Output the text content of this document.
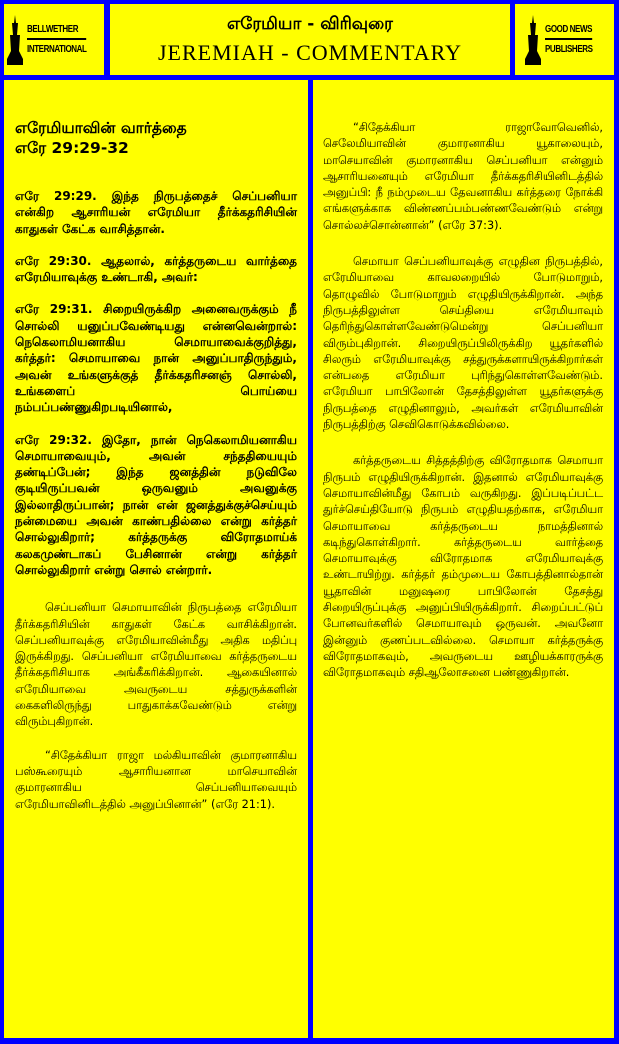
BELLWETHER
INTERNATIONAL
எரேமியா - விரிவுரை
JEREMIAH - COMMENTARY
GOOD NEWS
PUBLISHERS
எரேமியாவின் வார்த்தை
எரே 29:29-32

எரே 29:29. இந்த நிருபத்தைச் செப்பனியா என்கிற ஆசாரியன் எரேமியா தீர்க்கதரிசியின் காதுகள் கேட்க வாசித்தான்.

எரே 29:30. ஆதலால், கர்த்தருடைய வார்த்தை எரேமியாவுக்கு உண்டாகி, அவர்:

எரே 29:31. சிறையிருக்கிற அனைவருக்கும் நீ சொல்லி யனுப்பவேண்டியது என்னவென்றால்: நெகெலாமியனாகிய செமாயாவைக்குறித்து, கர்த்தர்: செமாயாவை நான் அனுப்பாதிருந்தும், அவன் உங்களுக்குத் தீர்க்கதரிசனஞ் சொல்லி, உங்களைப் பொய்யை நம்பப்பண்ணுகிறபடியினால்,

எரே 29:32. இதோ, நான் நெகெலாமியனாகிய செமாயாவையும், அவன் சந்ததியையும் தண்டிப்பேன்; இந்த ஜனத்தின் நடுவிலே குடியிருப்பவன் ஒருவனும் அவனுக்கு இல்லாதிருப்பான்; நான் என் ஜனத்துக்குச்செய்யும் நன்மையை அவன் காண்பதில்லை என்று கர்த்தர் சொல்லுகிறார்; கர்த்தருக்கு விரோதமாய்க் கலகமுண்டாகப் பேசினான் என்று கர்த்தர் சொல்லுகிறார் என்று சொல் என்றார்.

செப்பனியா செமாயாவின் நிருபத்தை எரேமியா தீர்க்கதரிசியின் காதுகள் கேட்க வாசிக்கிறான். செப்பனியாவுக்கு எரேமியாவின்மீது அதிக மதிப்பு இருக்கிறது. செப்பனியா எரேமியாவை கர்த்தருடைய தீர்க்கதரிசியாக அங்கீகரிக்கிறான். ஆகையினால் எரேமியாவை அவருடைய சத்துருக்களின் கைகளிலிருந்து பாதுகாக்கவேண்டும் என்று விரும்புகிறான்.

“சிதேக்கியா ராஜா மல்கியாவின் குமாரனாகிய பஸ்கூரையும் ஆசாரியனான மாசெயாவின் குமாரனாகிய செப்பனியாவையும் எரேமியாவினிடத்தில் அனுப்பினான்” (எரே 21:1).

“சிதேக்கியா ராஜாவோவெனில், செலேமியாவின் குமாரனாகிய யூகாலையும், மாசெயாவின் குமாரனாகிய செப்பனியா என்னும் ஆசாரியனையும் எரேமியா தீர்க்கதரிசியினிடத்தில் அனுப்பி: நீ நம்முடைய தேவனாகிய கர்த்தரை நோக்கி எங்களுக்காக விண்ணப்பம்பண்ணவேண்டும் என்று சொல்லச்சொன்னான்” (எரே 37:3).

செமாயா செப்பனியாவுக்கு எழுதின நிருபத்தில், எரேமியாவை காவலறையில் போடுமாறும், தொழுவில் போடுமாறும் எழுதியிருக்கிறான். அந்த நிருபத்திலுள்ள செய்தியை எரேமியாவும் தெரிந்துகொள்ளவேண்டுமென்று செப்பனியா விரும்புகிறான். சிறையிருப்பிலிருக்கிற யூதர்களில் சிலரும் எரேமியாவுக்கு சத்துருக்களாயிருக்கிறார்கள் என்பதை எரேமியா புரிந்துகொள்ளவேண்டும். எரேமியா பாபிலோன் தேசத்திலுள்ள யூதர்களுக்கு நிருபத்தை எழுதினாலும், அவர்கள் எரேமியாவின் நிருபத்திற்கு செவிகொடுக்கவில்லை.

கர்த்தருடைய சித்தத்திற்கு விரோதமாக செமாயா நிருபம் எழுதியிருக்கிறான். இதனால் எரேமியாவுக்கு செமாயாவின்மீது கோபம் வருகிறது. இப்படிப்பட்ட துர்ச்செய்தியோடு நிருபம் எழுதியதற்காக, எரேமியா செமாயாவை கர்த்தருடைய நாமத்தினால் கடிந்துகொள்கிறார். கர்த்தருடைய வார்த்தை செமாயாவுக்கு விரோதமாக எரேமியாவுக்கு உண்டாயிற்று. கர்த்தர் தம்முடைய கோபத்தினால்தான் யூதாவின் மனுஷரை பாபிலோன் தேசத்து சிறையிருப்புக்கு அனுப்பியிருக்கிறார். சிறைப்பட்டுப் போனவர்களில் செமாயாவும் ஒருவன். அவனோ இன்னும் குணப்படவில்லை. செமாயா கர்த்தருக்கு விரோதமாகவும், அவருடைய ஊழியக்காரருக்கு விரோதமாகவும் சதிஆலோசனை பண்ணுகிறான்.
